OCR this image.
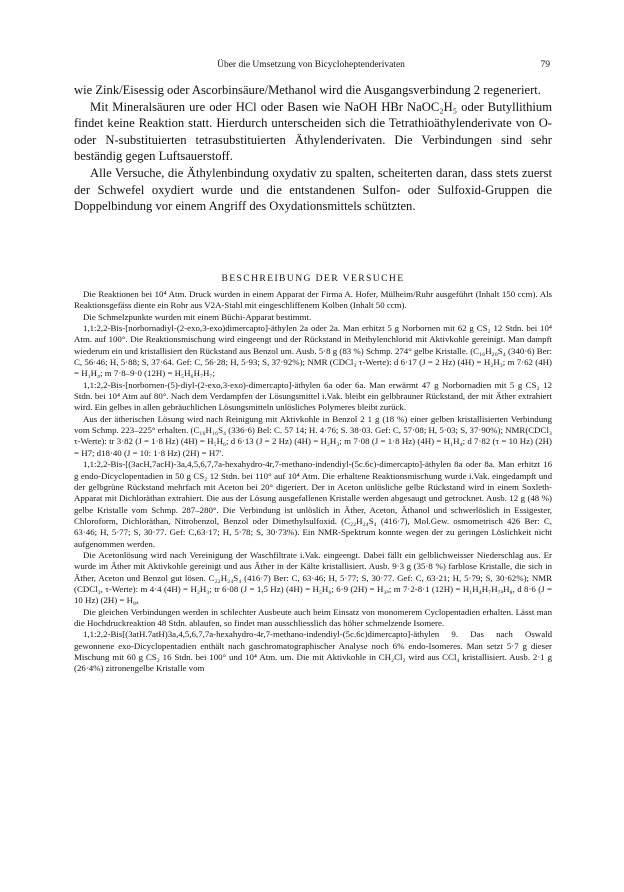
Über die Umsetzung von Bicycloheptenderivaten	79

wie Zink/Eisessig oder Ascorbinsäure/Methanol wird die Ausgangsverbindung 2 regeneriert.

Mit Mineralsäuren ure oder HCl oder Basen wie NaOH HBr NaOC₂H₅ oder Butyllithium findet keine Reaktion statt. Hierdurch unterscheiden sich die Tetrathioäthylenderivate von O- oder N-substituierten tetrasubstituierten Äthylenderivaten. Die Verbindungen sind sehr beständig gegen Luftsauerstoff.

Alle Versuche, die Äthylenbindung oxydativ zu spalten, scheiterten daran, dass stets zuerst der Schwefel oxydiert wurde und die entstandenen Sulfon- oder Sulfoxid-Gruppen die Doppelbindung vor einem Angriff des Oxydationsmittels schützten.

BESCHREIBUNG DER VERSUCHE

Die Reaktionen bei 10⁴ Atm. Druck wurden in einem Apparat der Firma A. Hofer, Mülheim/Ruhr ausgeführt (Inhalt 150 ccm). Als Reaktionsgefäss diente ein Rohr aus V2A-Stahl mit eingeschliffenem Kolben (Inhalt 50 ccm).

Die Schmelzpunkte wurden mit einem Büchi-Apparat bestimmt.

1,1:2,2-Bis-[norbornadiyl-(2-exo,3-exo)dimercapto]-äthylen 2a oder 2a. Man erhitzt 5 g Norbornen mit 62 g CS₂ 12 Stdn. bei 10⁴ Atm. auf 100°. Die Reaktionsmischung wird eingeengt und der Rückstand in Methylenchlorid mit Aktivkohle gereinigt. Man dampft wiederum ein und kristallisiert den Rückstand aus Benzol um. Ausb. 5·8 g (83 %) Schmp. 274° gelbe Kristalle. (C₁₆H₂₀S₄ (340·6) Ber: C, 56·46; H, 5·88; S, 37·64. Gef: C, 56·28; H, 5·93; S, 37·92%); NMR (CDCl₃ τ-Werte): d 6·17 (J = 2 Hz) (4H) = H₂H₃; m 7·62 (4H) = H₁H₄; m 7·8–9·0 (12H) = H₅H₆H₇H₇;

1,1:2,2-Bis-[norbornen-(5)-diyl-(2-exo,3-exo)-dimercapto]-äthylen 6a oder 6a. Man erwärmt 47 g Norbornadien mit 5 g CS₂ 12 Stdn. bei 10⁴ Atm auf 80°. Nach dem Verdampfen der Lösungsmittel i.Vak. bleibt ein gelbbrauner Rückstand, der mit Äther extrahiert wird. Ein gelbes in allen gebräuchlichen Lösungsmitteln unlösliches Polymeres bleibt zurück.

Aus der ätherischen Lösung wird nach Reinigung mit Aktivkohle in Benzol 2 1 g (18 %) einer gelben kristallisierten Verbindung vom Schmp. 223–225° erhalten. (C₁₆H₁₆S₄ (336·6) Bel: C. 57 14; H. 4·76; S. 38·03. Gef: C, 57·08; H, 5·03; S, 37·90%); NMR(CDCl₃ τ-Werte): tr 3·82 (J = 1·8 Hz) (4H) = H₅H₆; d 6·13 (J = 2 Hz) (4H) = H₂H₃; m 7·08 (J = 1·8 Hz) (4H) = H₁H₄; d 7·82 (τ = 10 Hz) (2H) = H7; d18·40 (J = 10: 1·8 Hz) (2H) = H7'.

1,1:2,2-Bis-[(3acH,7acH)-3a,4,5,6,7,7a-hexahydro-4r,7-methano-indendiyl-(5c.6c)-dimercapto]-äthylen 8a oder 8a. Man erhitzt 16 g endo-Dicyclopentadien in 50 g CS₂ 12 Stdn. bei 110° auf 10⁴ Atm. Die erhaltene Reaktionsmischung wurde i.Vak. eingedampft und der gelbgrüne Rückstand mehrfach mit Aceton bei 20° digeriert. Der in Aceton unlösliche gelbe Rückstand wird in einem Soxleth-Apparat mit Dichloräthan extrahiert. Die aus der Lösung ausgefallenen Kristalle werden abgesaugt und getrocknet. Ausb. 12 g (48 %) gelbe Kristalle vom Schmp. 287–280°. Die Verbindung ist unlöslich in Äther, Aceton, Äthanol und schwerlöslich in Essigester, Chloroform, Dichloräthan, Nitrobenzol, Benzol oder Dimethylsulfoxid. (C₂₂H₂₄S₄ (416·7), Mol.Gew. osmometrisch 426 Ber: C, 63·46; H, 5·77; S, 30·77. Gef: C,63·17; H, 5·78; S, 30·73%). Ein NMR-Spektrum konnte wegen der zu geringen Löslichkeit nicht aufgenommen werden.

Die Acetonlösung wird nach Vereinigung der Waschfiltrate i.Vak. eingeengt. Dabei fällt ein gelblichweisser Niederschlag aus. Er wurde im Äther mit Aktivkohle gereinigt und aus Äther in der Kälte kristallisiert. Ausb. 9·3 g (35·8 %) farblose Kristalle, die sich in Äther, Aceton und Benzol gut lösen. C₂₂H₂₄S₄ (416·7) Ber: C, 63·46; H, 5·77; S, 30·77. Gef: C, 63·21; H, 5·79; S, 30·62%); NMR (CDCl₃, τ-Werte): m 4·4 (4H) = H₂H₃; tr 6·08 (J = 1,5 Hz) (4H) = H₅H₆; 6·9 (2H) = H₃ₐ; m 7·2-8·1 (12H) = H₁H₄H₇H₇ₐH₈, d 8·6 (J = 10 Hz) (2H) = H₈ₐ

Die gleichen Verbindungen werden in schlechter Ausbeute auch beim Einsatz von monomerem Cyclopentadien erhalten. Lässt man die Hochdruckreaktion 48 Stdn. ablaufen, so findet man ausschliesslich das höher schmelzende Isomere.

1,1:2,2-Bis[(3atH.7atH)3a,4,5,6,7,7a-hexahydro-4r,7-methano-indendiyl-(5c.6c)dimercapto]-äthylen 9. Das nach Oswald gewonnene exo-Dicyclopentadien enthält nach gaschromatographischer Analyse noch 6% endo-Isomeres. Man setzt 5·7 g dieser Mischung mit 60 g CS₂ 16 Stdn. bei 100° und 10⁴ Atm. um. Die mit Aktivkohle in CH₂Cl₂ wird aus CCl₄ kristallisiert. Ausb. 2·1 g (26·4%) zitronengelbe Kristalle vom
